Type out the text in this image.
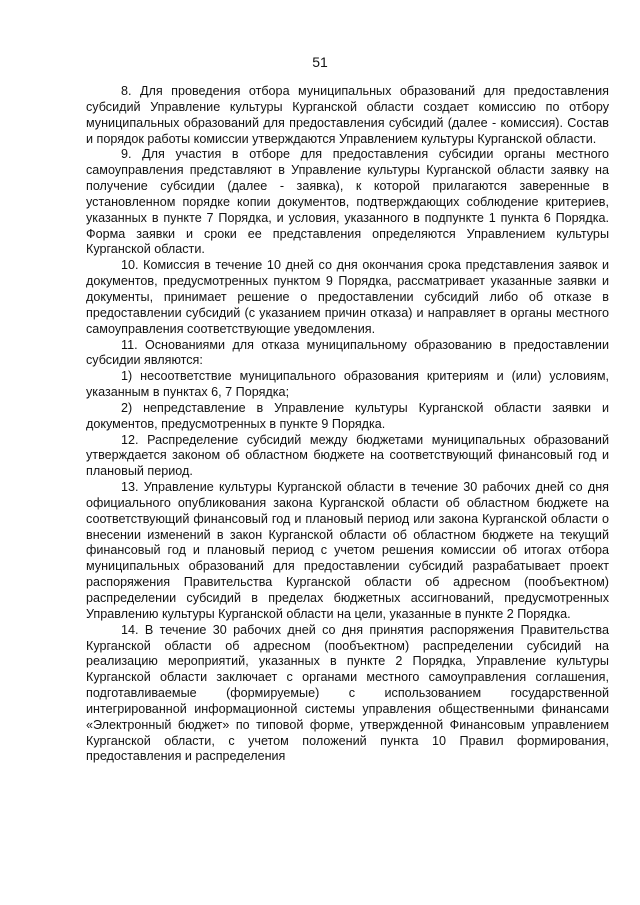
51

8. Для проведения отбора муниципальных образований для предоставления субсидий Управление культуры Курганской области создает комиссию по отбору муниципальных образований для предоставления субсидий (далее - комиссия). Состав и порядок работы комиссии утверждаются Управлением культуры Курганской области.

9. Для участия в отборе для предоставления субсидии органы местного самоуправления представляют в Управление культуры Курганской области заявку на получение субсидии (далее - заявка), к которой прилагаются заверенные в установленном порядке копии документов, подтверждающих соблюдение критериев, указанных в пункте 7 Порядка, и условия, указанного в подпункте 1 пункта 6 Порядка. Форма заявки и сроки ее представления определяются Управлением культуры Курганской области.

10. Комиссия в течение 10 дней со дня окончания срока представления заявок и документов, предусмотренных пунктом 9 Порядка, рассматривает указанные заявки и документы, принимает решение о предоставлении субсидий либо об отказе в предоставлении субсидий (с указанием причин отказа) и направляет в органы местного самоуправления соответствующие уведомления.

11. Основаниями для отказа муниципальному образованию в предоставлении субсидии являются:

1) несоответствие муниципального образования критериям и (или) условиям, указанным в пунктах 6, 7 Порядка;

2) непредставление в Управление культуры Курганской области заявки и документов, предусмотренных в пункте 9 Порядка.

12. Распределение субсидий между бюджетами муниципальных образований утверждается законом об областном бюджете на соответствующий финансовый год и плановый период.

13. Управление культуры Курганской области в течение 30 рабочих дней со дня официального опубликования закона Курганской области об областном бюджете на соответствующий финансовый год и плановый период или закона Курганской области о внесении изменений в закон Курганской области об областном бюджете на текущий финансовый год и плановый период с учетом решения комиссии об итогах отбора муниципальных образований для предоставлении субсидий разрабатывает проект распоряжения Правительства Курганской области об адресном (пообъектном) распределении субсидий в пределах бюджетных ассигнований, предусмотренных Управлению культуры Курганской области на цели, указанные в пункте 2 Порядка.

14. В течение 30 рабочих дней со дня принятия распоряжения Правительства Курганской области об адресном (пообъектном) распределении субсидий на реализацию мероприятий, указанных в пункте 2 Порядка, Управление культуры Курганской области заключает с органами местного самоуправления соглашения, подготавливаемые (формируемые) с использованием государственной интегрированной информационной системы управления общественными финансами «Электронный бюджет» по типовой форме, утвержденной Финансовым управлением Курганской области, с учетом положений пункта 10 Правил формирования, предоставления и распределения
